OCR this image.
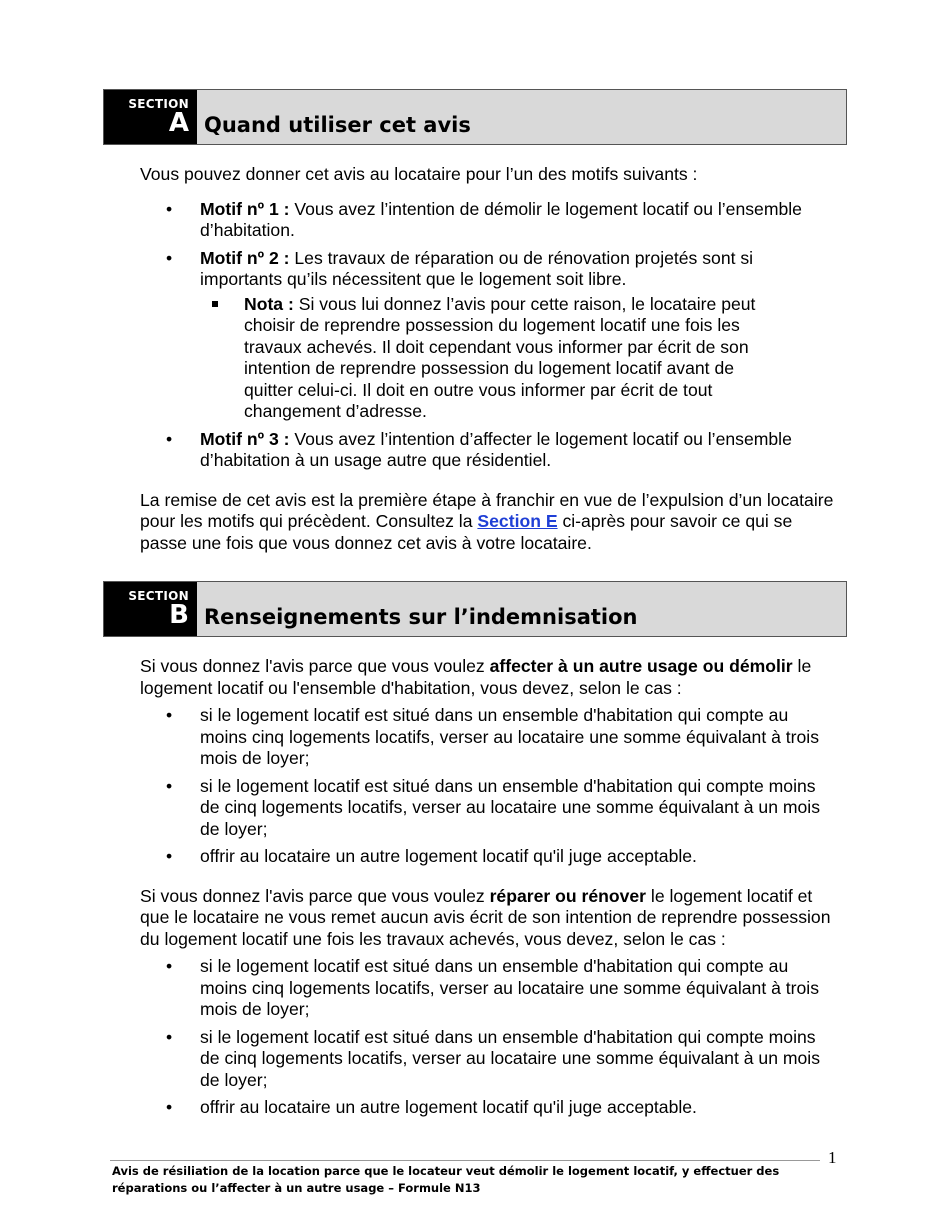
SECTION
A Quand utiliser cet avis
Vous pouvez donner cet avis au locataire pour l’un des motifs suivants :
• Motif nº 1 : Vous avez l’intention de démolir le logement locatif ou l’ensemble d’habitation.
• Motif nº 2 : Les travaux de réparation ou de rénovation projetés sont si importants qu’ils nécessitent que le logement soit libre.
Nota : Si vous lui donnez l’avis pour cette raison, le locataire peut choisir de reprendre possession du logement locatif une fois les travaux achevés. Il doit cependant vous informer par écrit de son intention de reprendre possession du logement locatif avant de quitter celui-ci. Il doit en outre vous informer par écrit de tout changement d’adresse.
• Motif nº 3 : Vous avez l’intention d’affecter le logement locatif ou l’ensemble d’habitation à un usage autre que résidentiel.
La remise de cet avis est la première étape à franchir en vue de l’expulsion d’un locataire pour les motifs qui précèdent. Consultez la Section E ci-après pour savoir ce qui se passe une fois que vous donnez cet avis à votre locataire.
SECTION
B Renseignements sur l’indemnisation
Si vous donnez l'avis parce que vous voulez affecter à un autre usage ou démolir le logement locatif ou l'ensemble d'habitation, vous devez, selon le cas :
• si le logement locatif est situé dans un ensemble d'habitation qui compte au moins cinq logements locatifs, verser au locataire une somme équivalant à trois mois de loyer;
• si le logement locatif est situé dans un ensemble d'habitation qui compte moins de cinq logements locatifs, verser au locataire une somme équivalant à un mois de loyer;
• offrir au locataire un autre logement locatif qu'il juge acceptable.
Si vous donnez l'avis parce que vous voulez réparer ou rénover le logement locatif et que le locataire ne vous remet aucun avis écrit de son intention de reprendre possession du logement locatif une fois les travaux achevés, vous devez, selon le cas :
• si le logement locatif est situé dans un ensemble d'habitation qui compte au moins cinq logements locatifs, verser au locataire une somme équivalant à trois mois de loyer;
• si le logement locatif est situé dans un ensemble d'habitation qui compte moins de cinq logements locatifs, verser au locataire une somme équivalant à un mois de loyer;
• offrir au locataire un autre logement locatif qu'il juge acceptable.
1
Avis de résiliation de la location parce que le locateur veut démolir le logement locatif, y effectuer des réparations ou l’affecter à un autre usage – Formule N13
